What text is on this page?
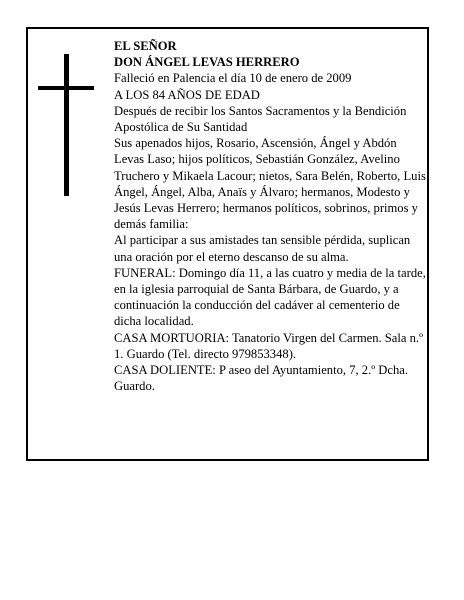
EL SEÑOR

DON ÁNGEL LEVAS HERRERO

Falleció en Palencia el día 10 de enero de 2009

A LOS 84 AÑOS DE EDAD

Después de recibir los Santos Sacramentos y la Bendición Apostólica de Su Santidad

Sus apenados hijos, Rosario, Ascensión, Ángel y Abdón Levas Laso; hijos políticos, Sebastián González, Avelino Truchero y Mikaela Lacour; nietos, Sara Belén, Roberto, Luis Ángel, Ángel, Alba, Anaïs y Álvaro; hermanos, Modesto y Jesús Levas Herrero; hermanos políticos, sobrinos, primos y demás familia:

Al participar a sus amistades tan sensible pérdida, suplican una oración por el eterno descanso de su alma.

FUNERAL: Domingo día 11, a las cuatro y media de la tarde, en la iglesia parroquial de Santa Bárbara, de Guardo, y a continuación la conducción del cadáver al cementerio de dicha localidad.

CASA MORTUORIA: Tanatorio Virgen del Carmen. Sala n.º 1. Guardo (Tel. directo 979853348).

CASA DOLIENTE: P aseo del Ayuntamiento, 7, 2.º Dcha. Guardo.
